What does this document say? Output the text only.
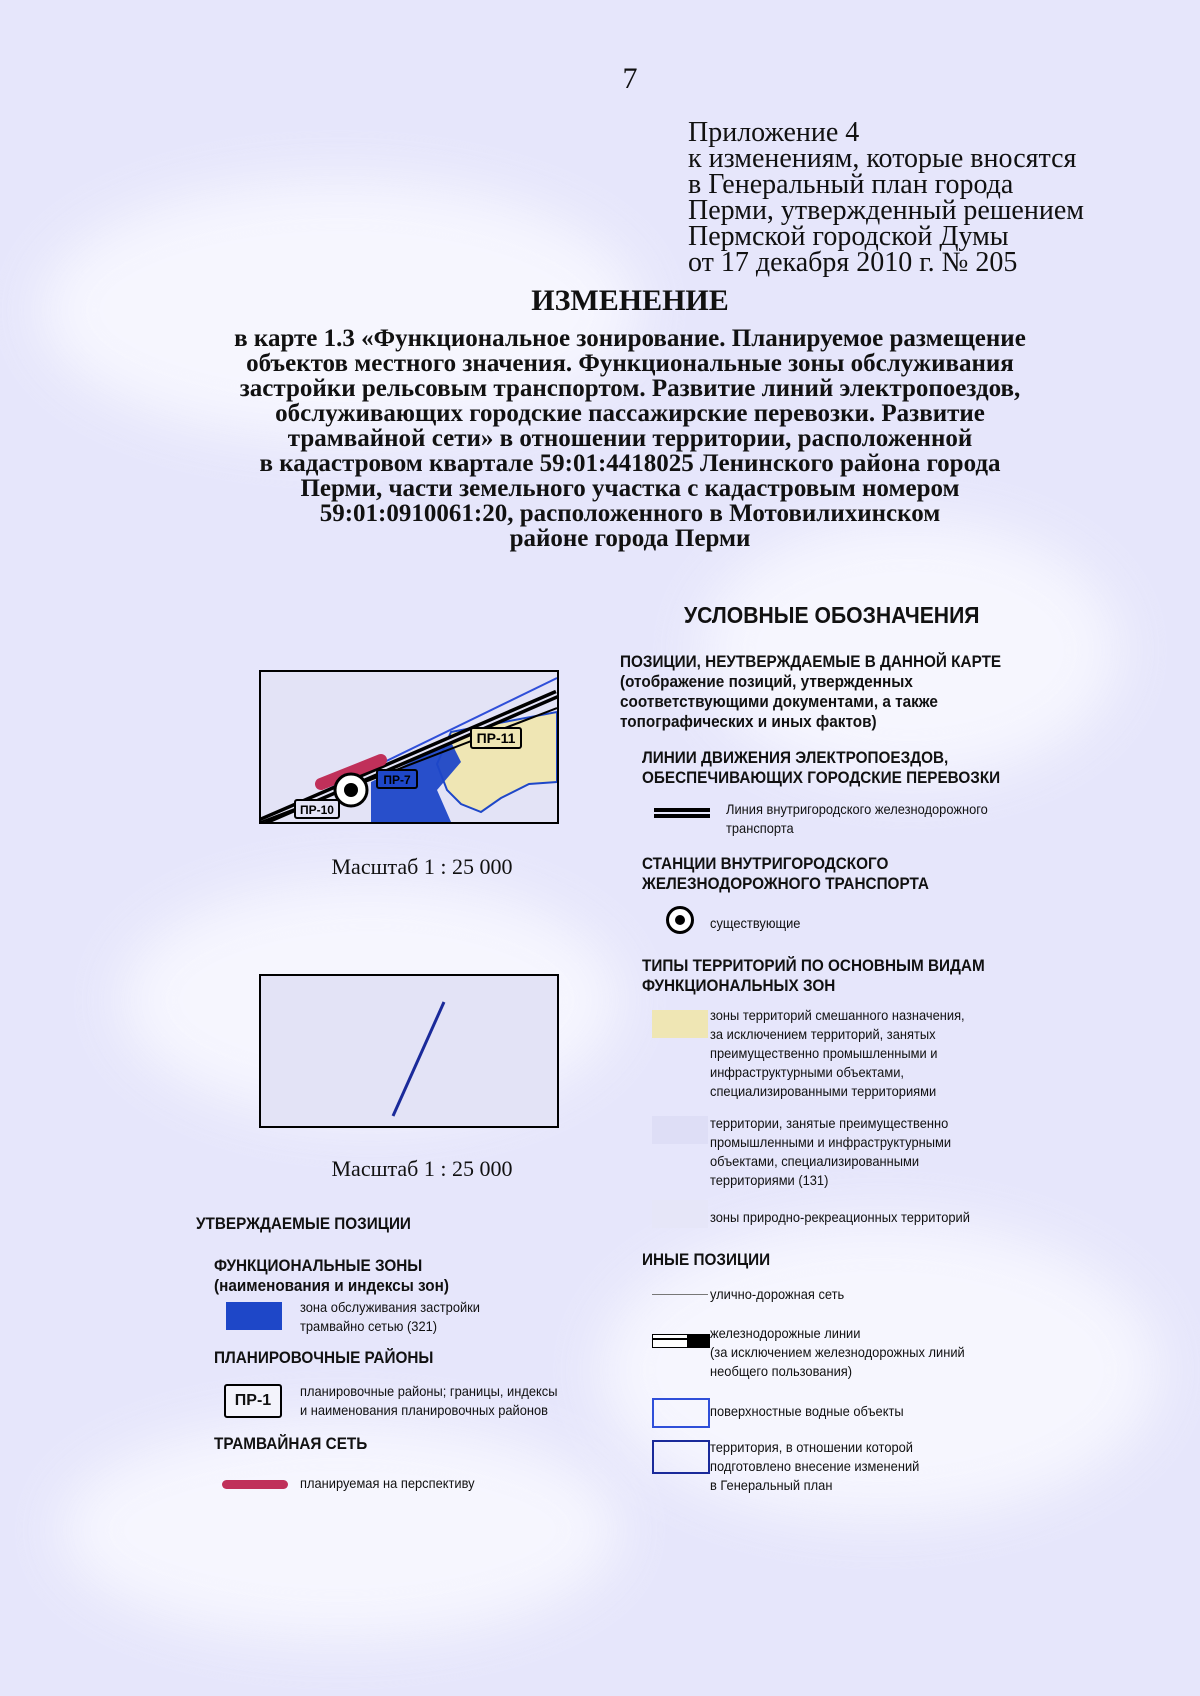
7
Приложение 4
к изменениям, которые вносятся
в Генеральный план города
Перми, утвержденный решением
Пермской городской Думы
от 17 декабря 2010 г. № 205
ИЗМЕНЕНИЕ
в карте 1.3 «Функциональное зонирование. Планируемое размещение
объектов местного значения. Функциональные зоны обслуживания
застройки рельсовым транспортом. Развитие линий электропоездов,
обслуживающих городские пассажирские перевозки. Развитие
трамвайной сети» в отношении территории, расположенной
в кадастровом квартале 59:01:4418025 Ленинского района города
Перми, части земельного участка с кадастровым номером
59:01:0910061:20, расположенного в Мотовилихинском
районе города Перми
ПР-11
ПР-7
ПР-10
Масштаб 1 : 25 000
Масштаб 1 : 25 000
УСЛОВНЫЕ ОБОЗНАЧЕНИЯ
ПОЗИЦИИ, НЕУТВЕРЖДАЕМЫЕ В ДАННОЙ КАРТЕ
(отображение позиций, утвержденных
соответствующими документами, а также
топографических и иных фактов)
ЛИНИИ ДВИЖЕНИЯ ЭЛЕКТРОПОЕЗДОВ,
ОБЕСПЕЧИВАЮЩИХ ГОРОДСКИЕ ПЕРЕВОЗКИ
Линия внутригородского железнодорожного
транспорта
СТАНЦИИ ВНУТРИГОРОДСКОГО
ЖЕЛЕЗНОДОРОЖНОГО ТРАНСПОРТА
существующие
ТИПЫ ТЕРРИТОРИЙ ПО ОСНОВНЫМ ВИДАМ
ФУНКЦИОНАЛЬНЫХ ЗОН
зоны территорий смешанного назначения,
за исключением территорий, занятых
преимущественно промышленными и
инфраструктурными объектами,
специализированными территориями
территории, занятые преимущественно
промышленными и инфраструктурными
объектами, специализированными
территориями (131)
зоны природно-рекреационных территорий
ИНЫЕ ПОЗИЦИИ
улично-дорожная сеть
железнодорожные линии
(за исключением железнодорожных линий
необщего пользования)
поверхностные водные объекты
территория, в отношении которой
подготовлено внесение изменений
в Генеральный план
УТВЕРЖДАЕМЫЕ ПОЗИЦИИ
ФУНКЦИОНАЛЬНЫЕ ЗОНЫ
(наименования и индексы зон)
зона обслуживания застройки
трамвайно сетью (321)
ПЛАНИРОВОЧНЫЕ РАЙОНЫ
ПР-1
планировочные районы; границы, индексы
и наименования планировочных районов
ТРАМВАЙНАЯ СЕТЬ
планируемая на перспективу
